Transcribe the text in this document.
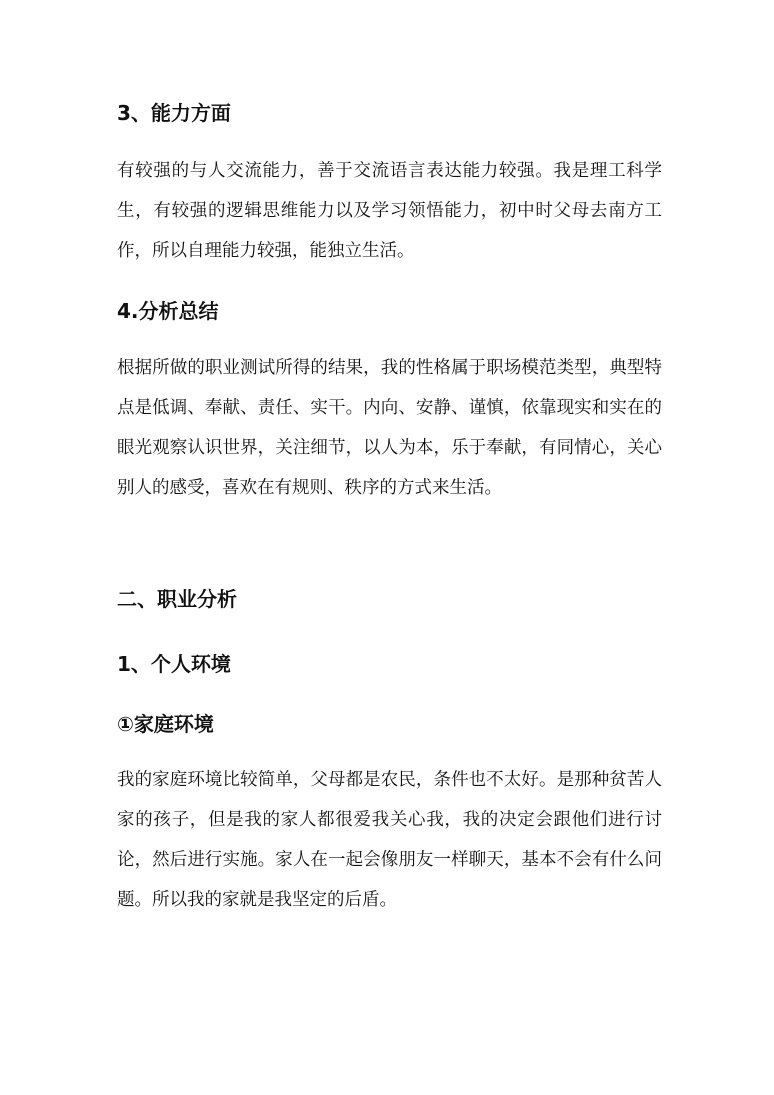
3、能力方面
有较强的与人交流能力，善于交流语言表达能力较强。我是理工科学生，有较强的逻辑思维能力以及学习领悟能力，初中时父母去南方工作，所以自理能力较强，能独立生活。
4.分析总结
根据所做的职业测试所得的结果，我的性格属于职场模范类型，典型特点是低调、奉献、责任、实干。内向、安静、谨慎，依靠现实和实在的眼光观察认识世界，关注细节，以人为本，乐于奉献，有同情心，关心别人的感受，喜欢在有规则、秩序的方式来生活。
二、职业分析
1、个人环境
①家庭环境
我的家庭环境比较简单，父母都是农民，条件也不太好。是那种贫苦人家的孩子，但是我的家人都很爱我关心我，我的决定会跟他们进行讨论，然后进行实施。家人在一起会像朋友一样聊天，基本不会有什么问题。所以我的家就是我坚定的后盾。
